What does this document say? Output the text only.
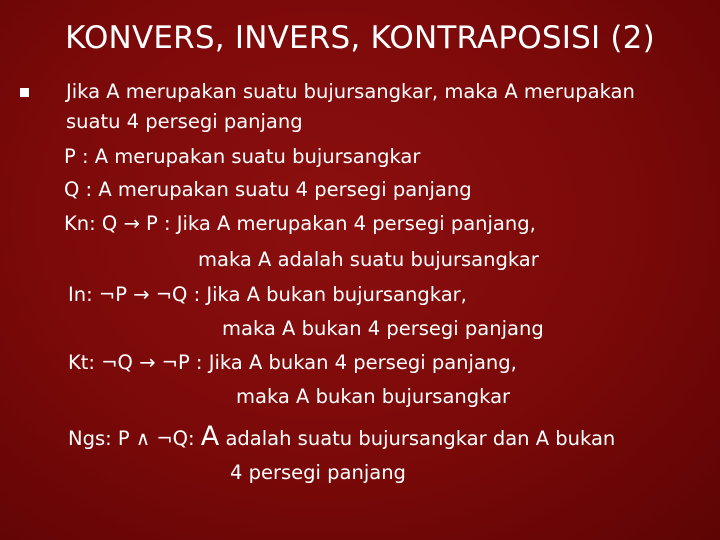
KONVERS, INVERS, KONTRAPOSISI (2)
Jika A merupakan suatu bujursangkar, maka A merupakan
suatu 4 persegi panjang
P : A merupakan suatu bujursangkar
Q : A merupakan suatu 4 persegi panjang
Kn: Q → P : Jika A merupakan 4 persegi panjang,
maka A adalah suatu bujursangkar
In: ¬P → ¬Q : Jika A bukan bujursangkar,
maka A bukan 4 persegi panjang
Kt: ¬Q → ¬P : Jika A bukan 4 persegi panjang,
maka A bukan bujursangkar
Ngs: P ∧ ¬Q: A adalah suatu bujursangkar dan A bukan
4 persegi panjang
